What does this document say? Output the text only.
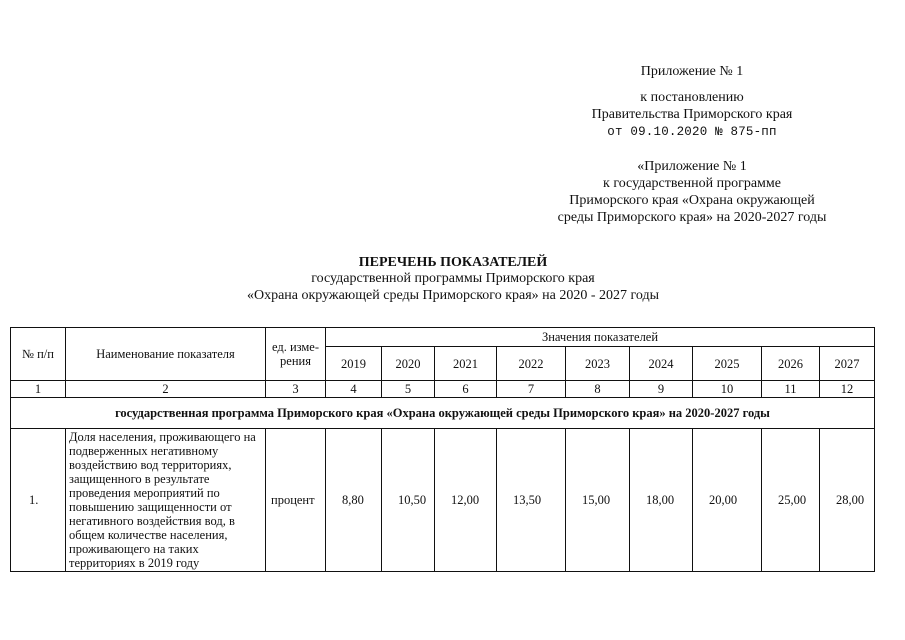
Приложение № 1
к постановлению
Правительства Приморского края
от 09.10.2020 № 875-пп
«Приложение № 1
к государственной программе
Приморского края «Охрана окружающей
среды Приморского края» на 2020-2027 годы
ПЕРЕЧЕНЬ ПОКАЗАТЕЛЕЙ
государственной программы Приморского края
«Охрана окружающей среды Приморского края» на 2020 - 2027 годы
№ п/п	Наименование показателя	ед. изме-рения	Значения показателей								
			2019	2020	2021	2022	2023	2024	2025	2026	2027
1	2	3	4	5	6	7	8	9	10	11	12
государственная программа Приморского края «Охрана окружающей среды Приморского края» на 2020-2027 годы											
1.	Доля населения, проживающего на подверженных негативному воздействию вод территориях, защищенного в результате проведения мероприятий по повышению защищенности от негативного воздействия вод, в общем количестве населения, проживающего на таких территориях в 2019 году	процент	8,80	10,50	12,00	13,50	15,00	18,00	20,00	25,00	28,00
